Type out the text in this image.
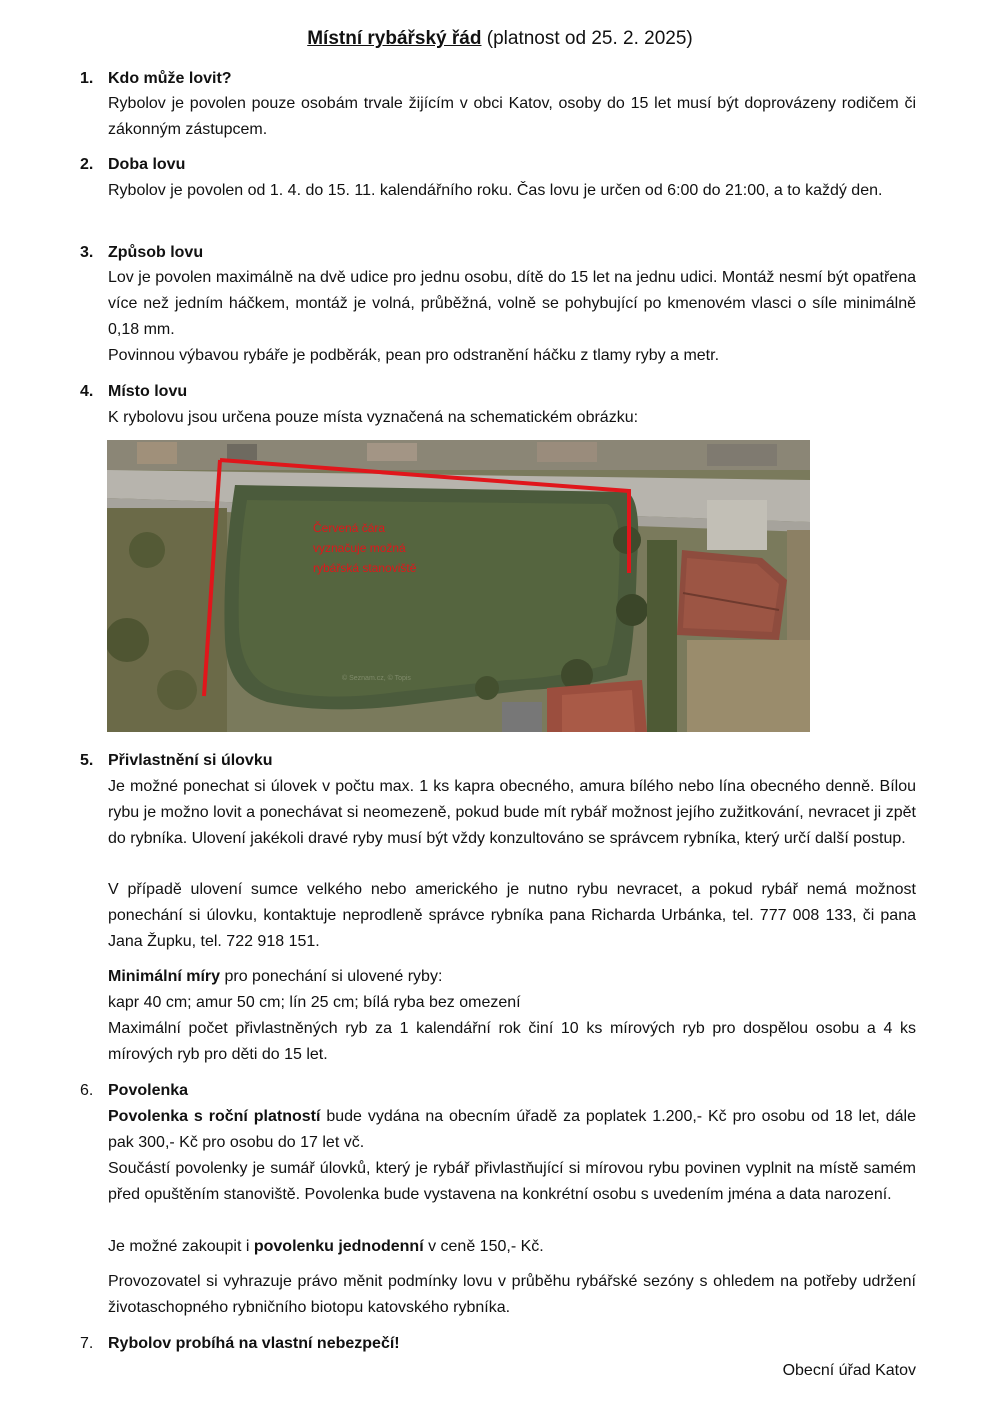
Místní rybářský řád (platnost od 25. 2. 2025)
1. Kdo může lovit?

Rybolov je povolen pouze osobám trvale žijícím v obci Katov, osoby do 15 let musí být doprovázeny rodičem či zákonným zástupcem.

2. Doba lovu

Rybolov je povolen od 1. 4. do 15. 11. kalendářního roku. Čas lovu je určen od 6:00 do 21:00, a to každý den.

3. Způsob lovu

Lov je povolen maximálně na dvě udice pro jednu osobu, dítě do 15 let na jednu udici. Montáž nesmí být opatřena více než jedním háčkem, montáž je volná, průběžná, volně se pohybující po kmenovém vlasci o síle minimálně 0,18 mm.

Povinnou výbavou rybáře je podběrák, pean pro odstranění háčku z tlamy ryby a metr.

4. Místo lovu

K rybolovu jsou určena pouze místa vyznačená na schematickém obrázku:

Červená čára
vyznačuje možná
rybářská stanoviště
© Seznam.cz, © Topis
5. Přivlastnění si úlovku

Je možné ponechat si úlovek v počtu max. 1 ks kapra obecného, amura bílého nebo lína obecného denně. Bílou rybu je možno lovit a ponechávat si neomezeně, pokud bude mít rybář možnost jejího zužitkování, nevracet ji zpět do rybníka. Ulovení jakékoli dravé ryby musí být vždy konzultováno se správcem rybníka, který určí další postup.

V případě ulovení sumce velkého nebo amerického je nutno rybu nevracet, a pokud rybář nemá možnost ponechání si úlovku, kontaktuje neprodleně správce rybníka pana Richarda Urbánka, tel. 777 008 133, či pana Jana Župku, tel. 722 918 151.

Minimální míry pro ponechání si ulovené ryby:

kapr 40 cm; amur 50 cm; lín 25 cm; bílá ryba bez omezení

Maximální počet přivlastněných ryb za 1 kalendářní rok činí 10 ks mírových ryb pro dospělou osobu a 4 ks mírových ryb pro děti do 15 let.

6. Povolenka

Povolenka s roční platností bude vydána na obecním úřadě za poplatek 1.200,- Kč pro osobu od 18 let, dále pak 300,- Kč pro osobu do 17 let vč.

Součástí povolenky je sumář úlovků, který je rybář přivlastňující si mírovou rybu povinen vyplnit na místě samém před opuštěním stanoviště. Povolenka bude vystavena na konkrétní osobu s uvedením jména a data narození.

Je možné zakoupit i povolenku jednodenní v ceně 150,- Kč.

Provozovatel si vyhrazuje právo měnit podmínky lovu v průběhu rybářské sezóny s ohledem na potřeby udržení životaschopného rybničního biotopu katovského rybníka.

7. Rybolov probíhá na vlastní nebezpečí!
Obecní úřad Katov
